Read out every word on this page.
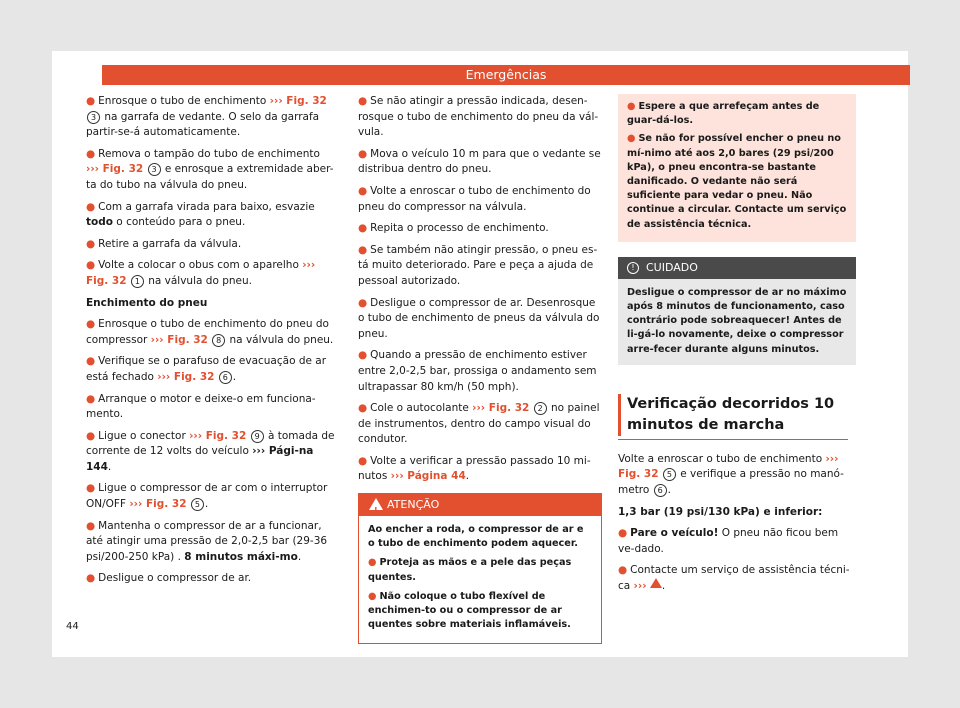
Emergências

● Enrosque o tubo de enchimento ››› Fig. 32 3 na garrafa de vedante. O selo da garrafa partir-se-á automaticamente.

● Remova o tampão do tubo de enchimento ››› Fig. 32 3 e enrosque a extremidade aber-ta do tubo na válvula do pneu.

● Com a garrafa virada para baixo, esvazie todo o conteúdo para o pneu.

● Retire a garrafa da válvula.

● Volte a colocar o obus com o aparelho ››› Fig. 32 1 na válvula do pneu.

Enchimento do pneu

● Enrosque o tubo de enchimento do pneu do compressor ››› Fig. 32 8 na válvula do pneu.

● Verifique se o parafuso de evacuação de ar está fechado ››› Fig. 32 6 .

● Arranque o motor e deixe-o em funciona-mento.

● Ligue o conector ››› Fig. 32 9 à tomada de corrente de 12 volts do veículo ››› Pági-na 144.

● Ligue o compressor de ar com o interruptor ON/OFF ››› Fig. 32 5 .

● Mantenha o compressor de ar a funcionar, até atingir uma pressão de 2,0-2,5 bar (29-36 psi/200-250 kPa) . 8 minutos máxi-mo.

● Desligue o compressor de ar.

● Se não atingir a pressão indicada, desen-rosque o tubo de enchimento do pneu da vál-vula.

● Mova o veículo 10 m para que o vedante se distribua dentro do pneu.

● Volte a enroscar o tubo de enchimento do pneu do compressor na válvula.

● Repita o processo de enchimento.

● Se também não atingir pressão, o pneu es-tá muito deteriorado. Pare e peça a ajuda de pessoal autorizado.

● Desligue o compressor de ar. Desenrosque o tubo de enchimento de pneus da válvula do pneu.

● Quando a pressão de enchimento estiver entre 2,0-2,5 bar, prossiga o andamento sem ultrapassar 80 km/h (50 mph).

● Cole o autocolante ››› Fig. 32 2 no painel de instrumentos, dentro do campo visual do condutor.

● Volte a verificar a pressão passado 10 mi-nutos ››› Página 44.

!
ATENÇÃO

Ao encher a roda, o compressor de ar e o tubo de enchimento podem aquecer.

● Proteja as mãos e a pele das peças quentes.

● Não coloque o tubo flexível de enchimen-to ou o compressor de ar quentes sobre materiais inflamáveis.

● Espere a que arrefeçam antes de guar-dá-los.

● Se não for possível encher o pneu no mí-nimo até aos 2,0 bares (29 psi/200 kPa), o pneu encontra-se bastante danificado. O vedante não será suficiente para vedar o pneu. Não continue a circular. Contacte um serviço de assistência técnica.

!	CUIDADO
Desligue o compressor de ar no máximo após 8 minutos de funcionamento, caso contrário pode sobreaquecer! Antes de li-gá-lo novamente, deixe o compressor arre-fecer durante alguns minutos.
Verificação decorridos 10 minutos de marcha

Volte a enroscar o tubo de enchimento ››› Fig. 32 5 e verifique a pressão no manó-metro 6 .

1,3 bar (19 psi/130 kPa) e inferior:

● Pare o veículo! O pneu não ficou bem ve-dado.

● Contacte um serviço de assistência técni-ca ››› .

44
